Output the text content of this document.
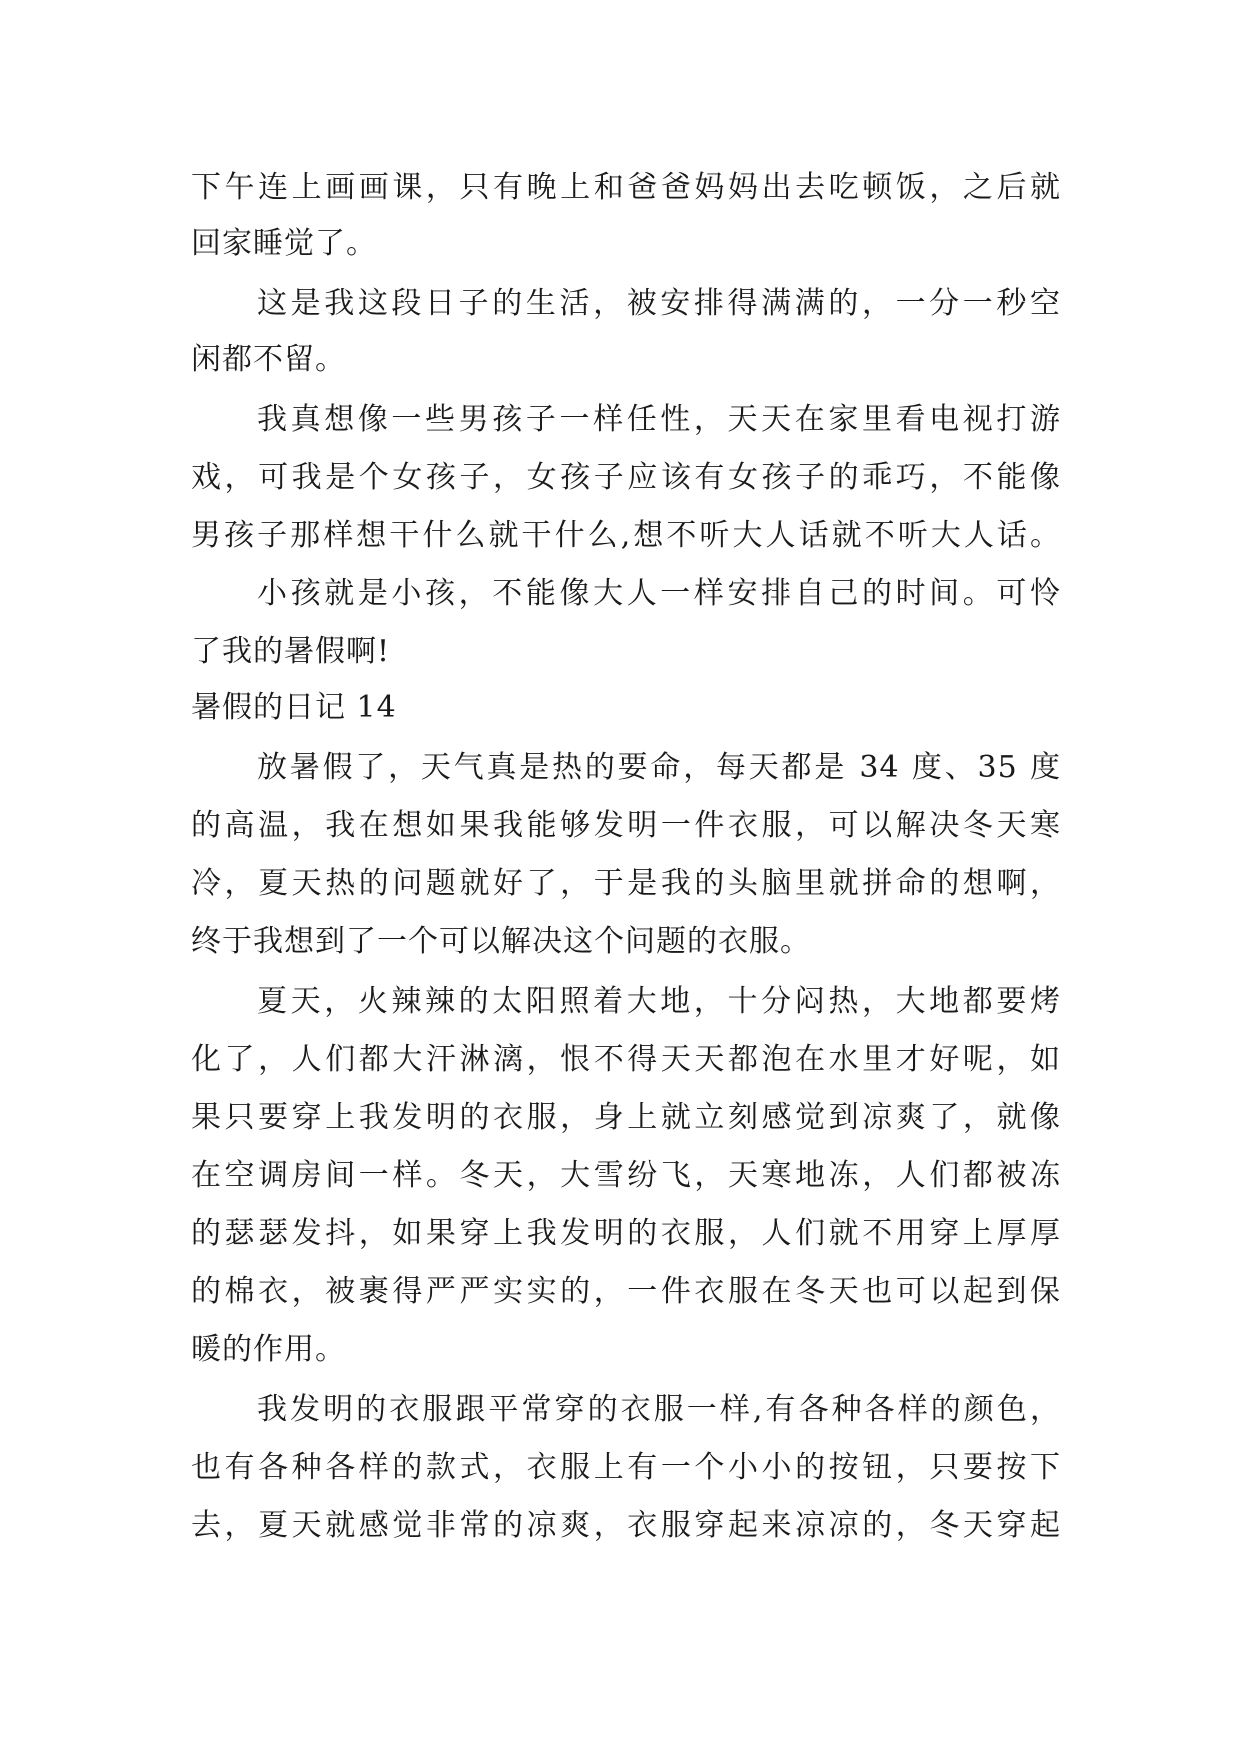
下午连上画画课，只有晚上和爸爸妈妈出去吃顿饭，之后就
回家睡觉了。
这是我这段日子的生活，被安排得满满的，一分一秒空
闲都不留。
我真想像一些男孩子一样任性，天天在家里看电视打游
戏，可我是个女孩子，女孩子应该有女孩子的乖巧，不能像
男孩子那样想干什么就干什么,想不听大人话就不听大人话。
小孩就是小孩，不能像大人一样安排自己的时间。可怜
了我的暑假啊!
暑假的日记 14
放暑假了，天气真是热的要命，每天都是 34 度、35 度
的高温，我在想如果我能够发明一件衣服，可以解决冬天寒
冷，夏天热的问题就好了，于是我的头脑里就拼命的想啊，
终于我想到了一个可以解决这个问题的衣服。
夏天，火辣辣的太阳照着大地，十分闷热，大地都要烤
化了，人们都大汗淋漓，恨不得天天都泡在水里才好呢，如
果只要穿上我发明的衣服，身上就立刻感觉到凉爽了，就像
在空调房间一样。冬天，大雪纷飞，天寒地冻，人们都被冻
的瑟瑟发抖，如果穿上我发明的衣服，人们就不用穿上厚厚
的棉衣，被裹得严严实实的，一件衣服在冬天也可以起到保
暖的作用。
我发明的衣服跟平常穿的衣服一样,有各种各样的颜色，
也有各种各样的款式，衣服上有一个小小的按钮，只要按下
去，夏天就感觉非常的凉爽，衣服穿起来凉凉的，冬天穿起
